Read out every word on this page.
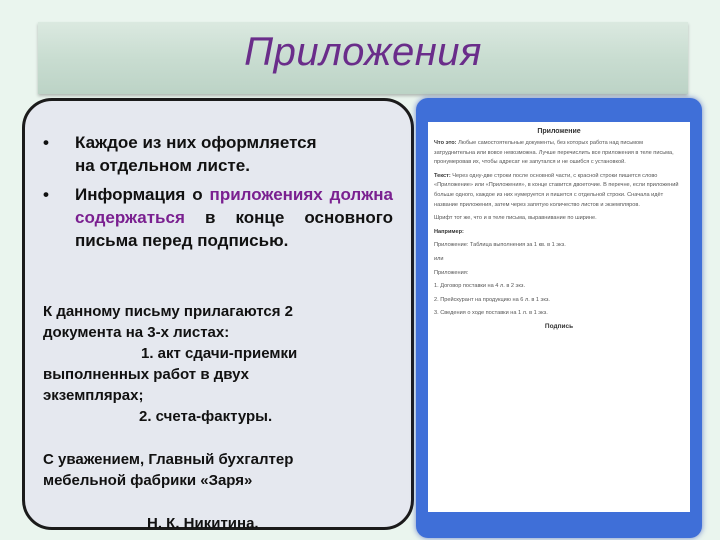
Приложения
• Каждое из них оформляется
на отдельном листе.
• Информация о приложениях должна содержаться в конце основного письма перед подписью.
К данному письму прилагаются 2
документа на 3-х листах:
1. акт сдачи-приемки
выполненных работ в двух
экземплярах;
2. счета-фактуры.
С уважением, Главный бухгалтер
мебельной фабрики «Заря»
Н. К. Никитина.
Приложение

Что это: Любые самостоятельные документы, без которых работа над письмом затруднительна или вовсе невозможна. Лучше перечислить все приложения в теле письма, пронумеровав их, чтобы адресат не запутался и не ошибся с установкой.

Текст: Через одну-две строки после основной части, с красной строки пишется слово «Приложение» или «Приложения», в конце ставится двоеточие. В перечне, если приложений больше одного, каждое из них нумеруется и пишется с отдельной строки. Сначала идёт название приложения, затем через запятую количество листов и экземпляров.

Шрифт тот же, что и в теле письма, выравнивание по ширине.

Например:

Приложение: Таблица выполнения за 1 кв. в 1 экз.

или

Приложения:

1. Договор поставки на 4 л. в 2 экз.

2. Прейскурант на продукцию на 6 л. в 1 экз.

3. Сведения о ходе поставки на 1 л. в 1 экз.

Подпись
